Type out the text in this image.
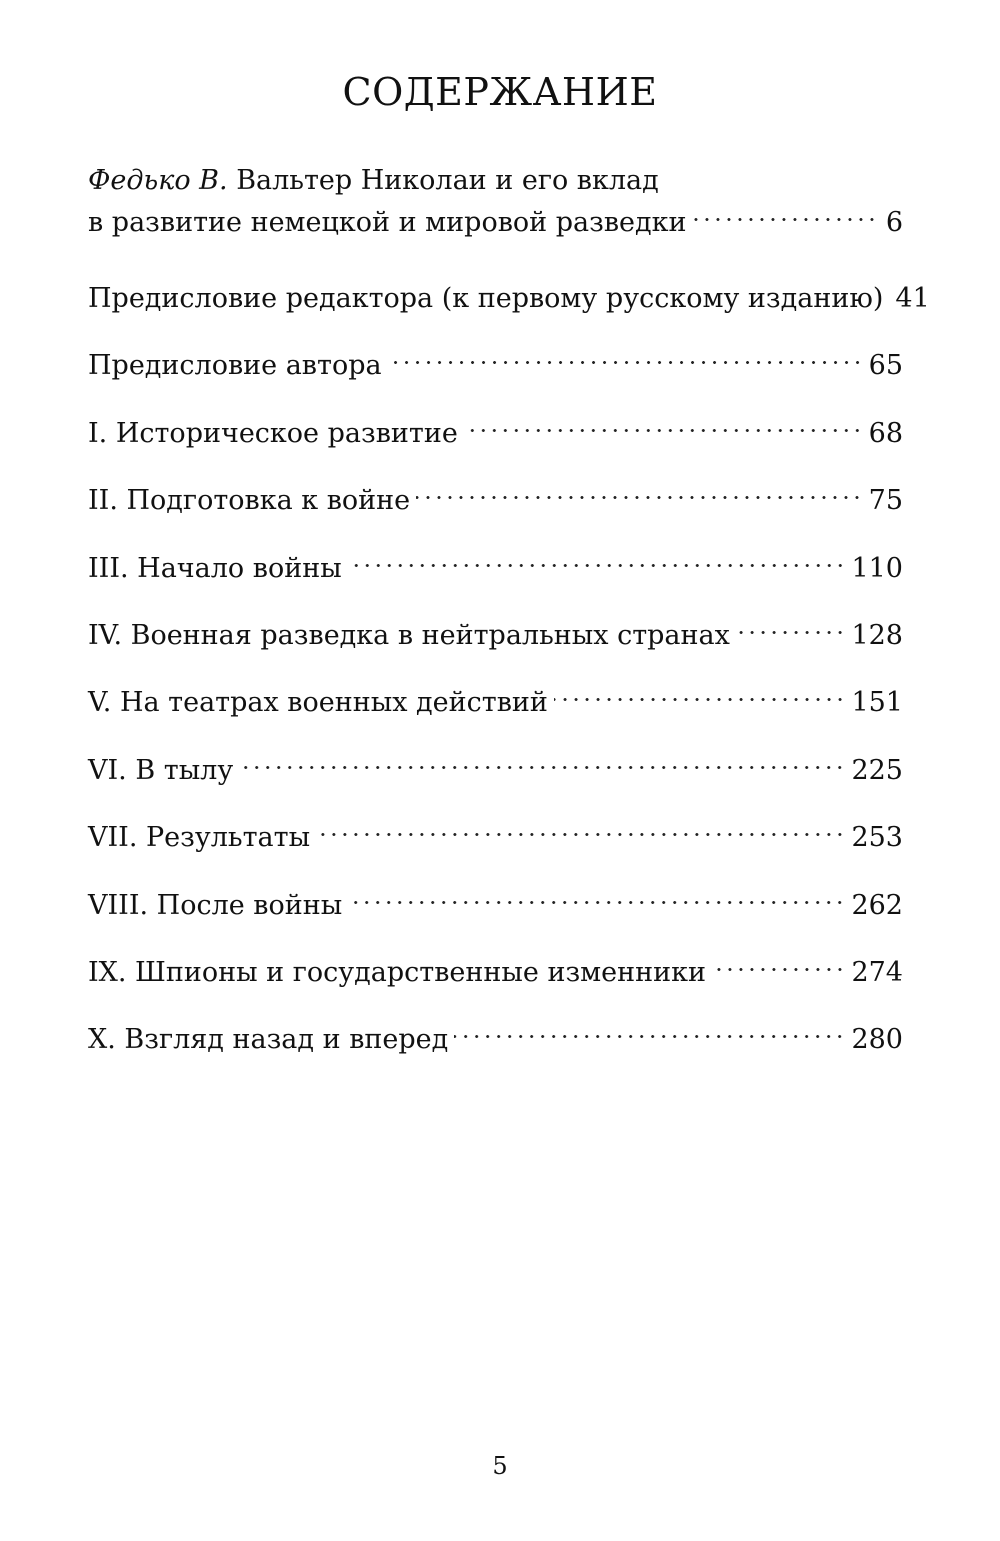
СОДЕРЖАНИЕ
Федько В. Вальтер Николаи и его вклад
в развитие немецкой и мировой разведки	6
Предисловие редактора (к первому русскому изданию) 41
Предисловие автора	65
I. Историческое развитие	68
II. Подготовка к войне	75
III. Начало войны	110
IV. Военная разведка в нейтральных странах	128
V. На театрах военных действий	151
VI. В тылу	225
VII. Результаты	253
VIII. После войны	262
IX. Шпионы и государственные изменники	274
X. Взгляд назад и вперед	280
5
